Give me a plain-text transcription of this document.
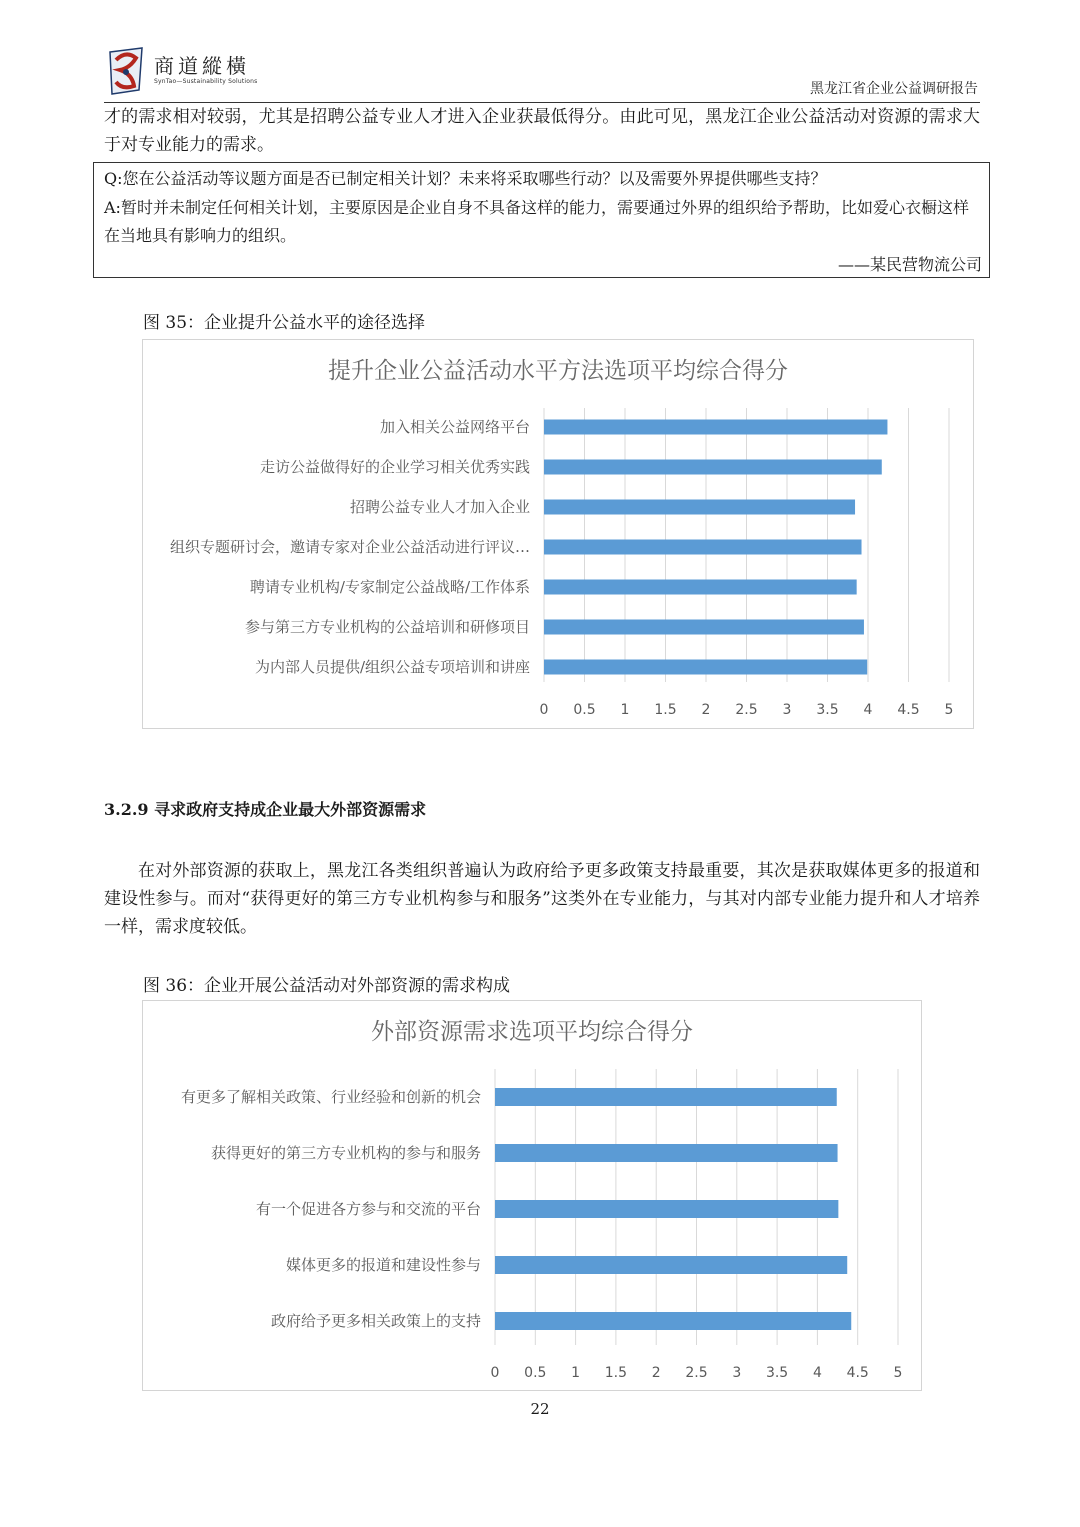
商道縱橫
SynTao—Sustainability Solutions	黑龙江省企业公益调研报告
才的需求相对较弱，尤其是招聘公益专业人才进入企业获最低得分。由此可见，黑龙江企业公益活动对资源的需求大于对专业能力的需求。
Q:您在公益活动等议题方面是否已制定相关计划？未来将采取哪些行动？以及需要外界提供哪些支持？
A:暂时并未制定任何相关计划，主要原因是企业自身不具备这样的能力，需要通过外界的组织给予帮助，比如爱心衣橱这样在当地具有影响力的组织。
——某民营物流公司
图 35：企业提升公益水平的途径选择
提升企业公益活动水平方法选项平均综合得分
0 0.5 1 1.5 2 2.5 3 3.5 4 4.5 5
加入相关公益网络平台
走访公益做得好的企业学习相关优秀实践
招聘公益专业人才加入企业
组织专题研讨会，邀请专家对企业公益活动进行评议…
聘请专业机构/专家制定公益战略/工作体系
参与第三方专业机构的公益培训和研修项目
为内部人员提供/组织公益专项培训和讲座
3.2.9 寻求政府支持成企业最大外部资源需求
在对外部资源的获取上，黑龙江各类组织普遍认为政府给予更多政策支持最重要，其次是获取媒体更多的报道和建设性参与。而对“获得更好的第三方专业机构参与和服务”这类外在专业能力，与其对内部专业能力提升和人才培养一样，需求度较低。
图 36：企业开展公益活动对外部资源的需求构成
外部资源需求选项平均综合得分
0 0.5 1 1.5 2 2.5 3 3.5 4 4.5 5
有更多了解相关政策、行业经验和创新的机会
获得更好的第三方专业机构的参与和服务
有一个促进各方参与和交流的平台
媒体更多的报道和建设性参与
政府给予更多相关政策上的支持
22
